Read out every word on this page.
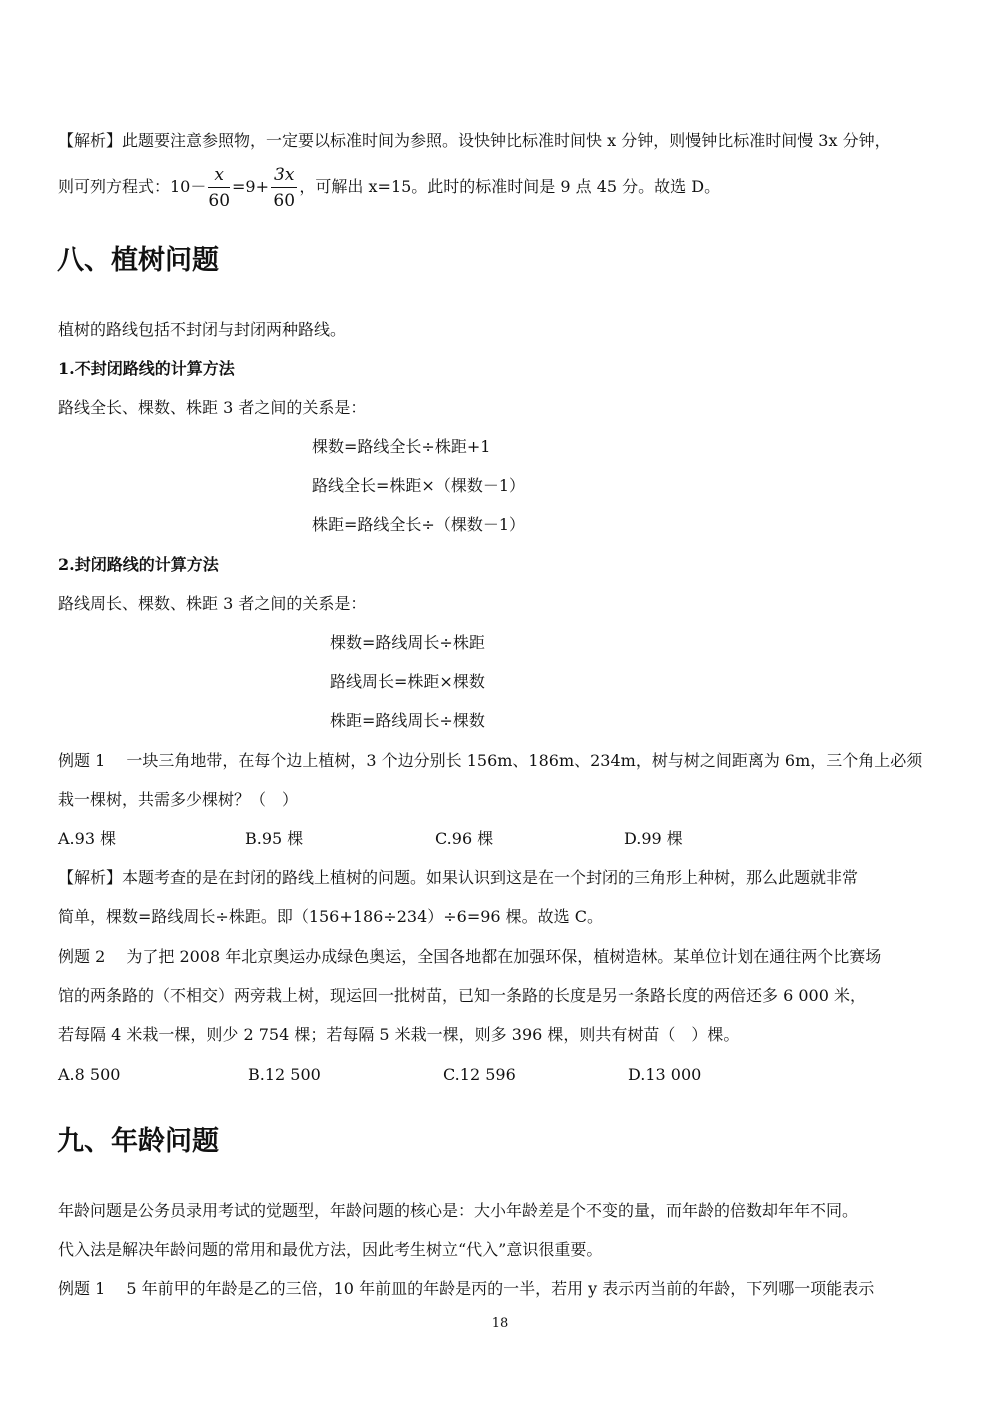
【解析】此题要注意参照物，一定要以标准时间为参照。设快钟比标准时间快 x 分钟，则慢钟比标准时间慢 3x 分钟，
则可列方程式：$10- \frac{x}{60} =9+ \frac{3x}{60}$ ，可解出 x=15。此时的标准时间是 9 点 45 分。故选 D。
八、植树问题
植树的路线包括不封闭与封闭两种路线。
1.不封闭路线的计算方法
路线全长、棵数、株距 3 者之间的关系是：
棵数=路线全长÷株距+1
路线全长=株距×（棵数－1）
株距=路线全长÷（棵数－1）
2.封闭路线的计算方法
路线周长、棵数、株距 3 者之间的关系是：
棵数=路线周长÷株距
路线周长=株距×棵数
株距=路线周长÷棵数
例题 1　 一块三角地带，在每个边上植树，3 个边分别长 156m、186m、234m，树与树之间距离为 6m，三个角上必须
栽一棵树，共需多少棵树？（　）
A.93 棵	B.95 棵	C.96 棵	D.99 棵
【解析】本题考查的是在封闭的路线上植树的问题。如果认识到这是在一个封闭的三角形上种树，那么此题就非常
简单，棵数=路线周长÷株距。即（156+186÷234）÷6=96 棵。故选 C。
例题 2　 为了把 2008 年北京奥运办成绿色奥运，全国各地都在加强环保，植树造林。某单位计划在通往两个比赛场
馆的两条路的（不相交）两旁栽上树，现运回一批树苗，已知一条路的长度是另一条路长度的两倍还多 6 000 米，
若每隔 4 米栽一棵，则少 2 754 棵；若每隔 5 米栽一棵，则多 396 棵，则共有树苗（　）棵。
A.8 500	B.12 500	C.12 596	D.13 000
九、年龄问题
年龄问题是公务员录用考试的觉题型，年龄问题的核心是：大小年龄差是个不变的量，而年龄的倍数却年年不同。
代入法是解决年龄问题的常用和最优方法，因此考生树立“代入”意识很重要。
例题 1　 5 年前甲的年龄是乙的三倍，10 年前皿的年龄是丙的一半，若用 y 表示丙当前的年龄，下列哪一项能表示
18
